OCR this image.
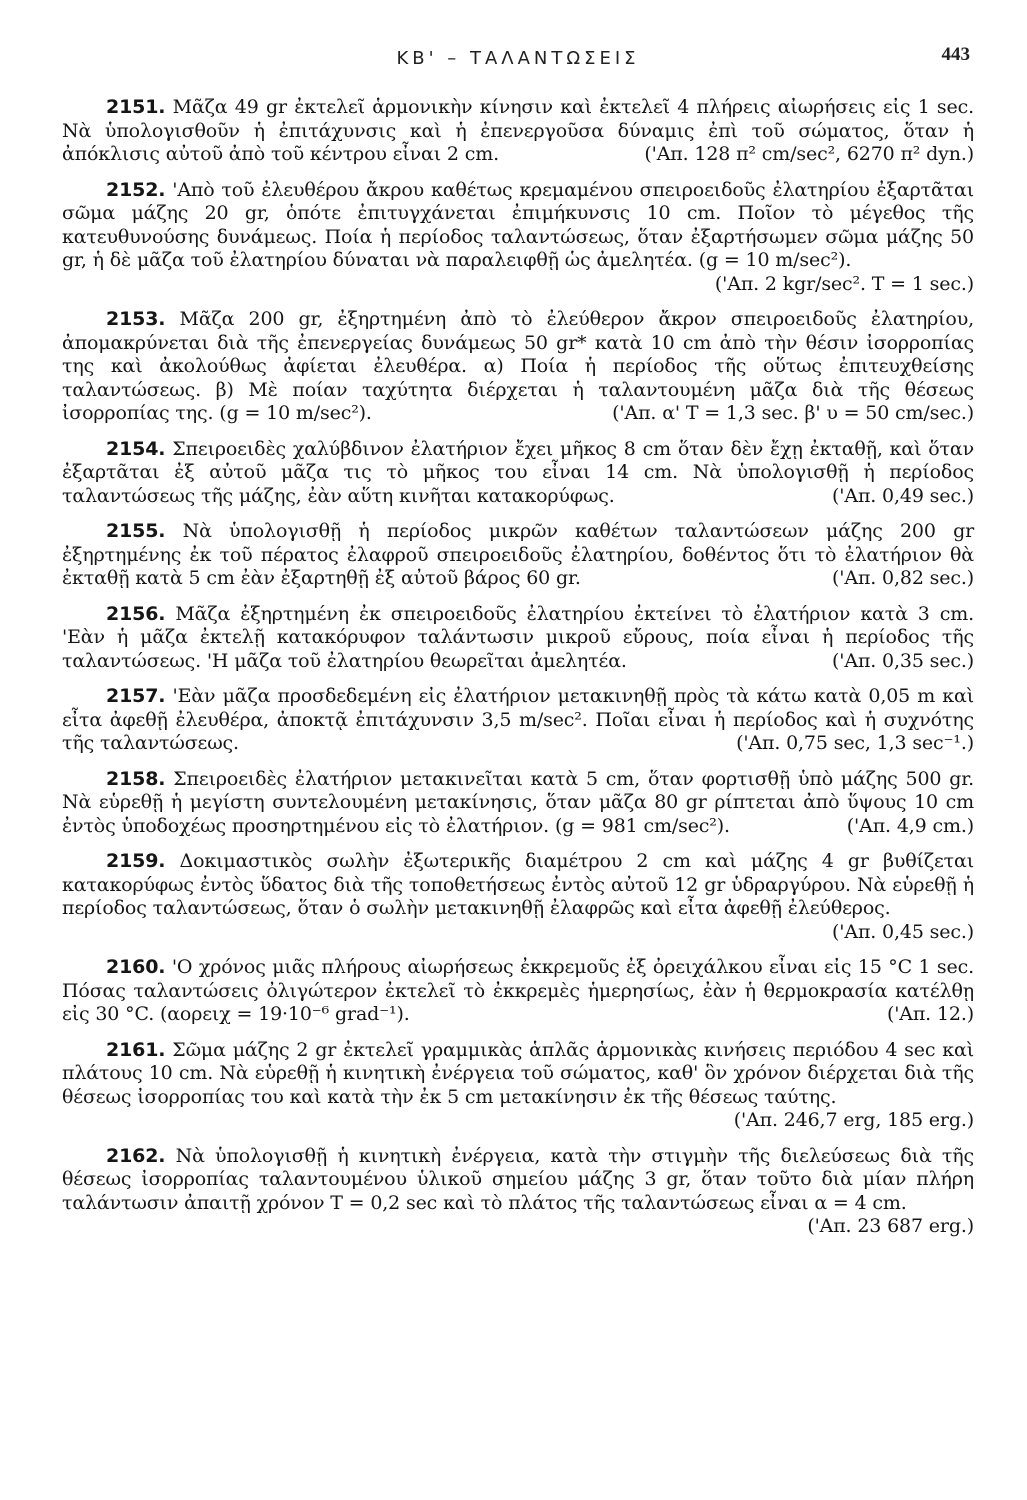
ΚΒ' – ΤΑΛΑΝΤΩΣΕΙΣ	443

2151. Μᾶζα 49 gr ἐκτελεῖ ἁρμονικὴν κίνησιν καὶ ἐκτελεῖ 4 πλήρεις αἰωρήσεις εἰς 1 sec. Νὰ ὑπολογισθοῦν ἡ ἐπιτάχυνσις καὶ ἡ ἐπενεργοῦσα δύναμις ἐπὶ τοῦ σώματος, ὅταν ἡ ἀπόκλισις αὐτοῦ ἀπὸ τοῦ κέντρου εἶναι 2 cm.	('Απ. 128 π² cm/sec², 6270 π² dyn.)

2152. 'Απὸ τοῦ ἐλευθέρου ἄκρου καθέτως κρεμαμένου σπειροειδοῦς ἐλατηρίου ἐξαρτᾶται σῶμα μάζης 20 gr, ὁπότε ἐπιτυγχάνεται ἐπιμήκυνσις 10 cm. Ποῖον τὸ μέγεθος τῆς κατευθυνούσης δυνάμεως. Ποία ἡ περίοδος ταλαντώσεως, ὅταν ἐξαρτήσωμεν σῶμα μάζης 50 gr, ἡ δὲ μᾶζα τοῦ ἐλατηρίου δύναται νὰ παραλειφθῇ ὡς ἀμελητέα. (g = 10 m/sec²).
('Απ. 2 kgr/sec². T = 1 sec.)

2153. Μᾶζα 200 gr, ἐξηρτημένη ἀπὸ τὸ ἐλεύθερον ἄκρον σπειροειδοῦς ἐλατηρίου, ἀπομακρύνεται διὰ τῆς ἐπενεργείας δυνάμεως 50 gr* κατὰ 10 cm ἀπὸ τὴν θέσιν ἰσορροπίας της καὶ ἀκολούθως ἀφίεται ἐλευθέρα. α) Ποία ἡ περίοδος τῆς οὕτως ἐπιτευχθείσης ταλαντώσεως. β) Μὲ ποίαν ταχύτητα διέρχεται ἡ ταλαντουμένη μᾶζα διὰ τῆς θέσεως ἰσορροπίας της. (g = 10 m/sec²).	('Απ. α' T = 1,3 sec. β' υ = 50 cm/sec.)

2154. Σπειροειδὲς χαλύβδινον ἐλατήριον ἔχει μῆκος 8 cm ὅταν δὲν ἔχῃ ἐκταθῇ, καὶ ὅταν ἐξαρτᾶται ἐξ αὐτοῦ μᾶζα τις τὸ μῆκος του εἶναι 14 cm. Νὰ ὑπολογισθῇ ἡ περίοδος ταλαντώσεως τῆς μάζης, ἐὰν αὕτη κινῆται κατακορύφως.	('Απ. 0,49 sec.)

2155. Νὰ ὑπολογισθῇ ἡ περίοδος μικρῶν καθέτων ταλαντώσεων μάζης 200 gr ἐξηρτημένης ἐκ τοῦ πέρατος ἐλαφροῦ σπειροειδοῦς ἐλατηρίου, δοθέντος ὅτι τὸ ἐλατήριον θὰ ἐκταθῇ κατὰ 5 cm ἐὰν ἐξαρτηθῇ ἐξ αὐτοῦ βάρος 60 gr.	('Απ. 0,82 sec.)

2156. Μᾶζα ἐξηρτημένη ἐκ σπειροειδοῦς ἐλατηρίου ἐκτείνει τὸ ἐλατήριον κατὰ 3 cm. 'Εὰν ἡ μᾶζα ἐκτελῇ κατακόρυφον ταλάντωσιν μικροῦ εὔρους, ποία εἶναι ἡ περίοδος τῆς ταλαντώσεως. 'Η μᾶζα τοῦ ἐλατηρίου θεωρεῖται ἀμελητέα.	('Απ. 0,35 sec.)

2157. 'Εὰν μᾶζα προσδεδεμένη εἰς ἐλατήριον μετακινηθῇ πρὸς τὰ κάτω κατὰ 0,05 m καὶ εἶτα ἀφεθῇ ἐλευθέρα, ἀποκτᾷ ἐπιτάχυνσιν 3,5 m/sec². Ποῖαι εἶναι ἡ περίοδος καὶ ἡ συχνότης τῆς ταλαντώσεως.	('Απ. 0,75 sec, 1,3 sec⁻¹.)

2158. Σπειροειδὲς ἐλατήριον μετακινεῖται κατὰ 5 cm, ὅταν φορτισθῇ ὑπὸ μάζης 500 gr. Νὰ εὑρεθῇ ἡ μεγίστη συντελουμένη μετακίνησις, ὅταν μᾶζα 80 gr ρίπτεται ἀπὸ ὕψους 10 cm ἐντὸς ὑποδοχέως προσηρτημένου εἰς τὸ ἐλατήριον. (g = 981 cm/sec²).	('Απ. 4,9 cm.)

2159. Δοκιμαστικὸς σωλὴν ἐξωτερικῆς διαμέτρου 2 cm καὶ μάζης 4 gr βυθίζεται κατακορύφως ἐντὸς ὕδατος διὰ τῆς τοποθετήσεως ἐντὸς αὐτοῦ 12 gr ὑδραργύρου. Νὰ εὑρεθῇ ἡ περίοδος ταλαντώσεως, ὅταν ὁ σωλὴν μετακινηθῇ ἐλαφρῶς καὶ εἶτα ἀφεθῇ ἐλεύθερος.
('Απ. 0,45 sec.)

2160. 'Ο χρόνος μιᾶς πλήρους αἰωρήσεως ἐκκρεμοῦς ἐξ ὀρειχάλκου εἶναι εἰς 15 °C 1 sec. Πόσας ταλαντώσεις ὀλιγώτερον ἐκτελεῖ τὸ ἐκκρεμὲς ἡμερησίως, ἐὰν ἡ θερμοκρασία κατέλθῃ εἰς 30 °C. (αορειχ = 19·10⁻⁶ grad⁻¹).	('Απ. 12.)

2161. Σῶμα μάζης 2 gr ἐκτελεῖ γραμμικὰς ἁπλᾶς ἁρμονικὰς κινήσεις περιόδου 4 sec καὶ πλάτους 10 cm. Νὰ εὑρεθῇ ἡ κινητικὴ ἐνέργεια τοῦ σώματος, καθ' ὃν χρόνον διέρχεται διὰ τῆς θέσεως ἰσορροπίας του καὶ κατὰ τὴν ἐκ 5 cm μετακίνησιν ἐκ τῆς θέσεως ταύτης.
('Απ. 246,7 erg, 185 erg.)

2162. Νὰ ὑπολογισθῇ ἡ κινητικὴ ἐνέργεια, κατὰ τὴν στιγμὴν τῆς διελεύσεως διὰ τῆς θέσεως ἰσορροπίας ταλαντουμένου ὑλικοῦ σημείου μάζης 3 gr, ὅταν τοῦτο διὰ μίαν πλήρη ταλάντωσιν ἀπαιτῇ χρόνον T = 0,2 sec καὶ τὸ πλάτος τῆς ταλαντώσεως εἶναι α = 4 cm.
('Απ. 23 687 erg.)
